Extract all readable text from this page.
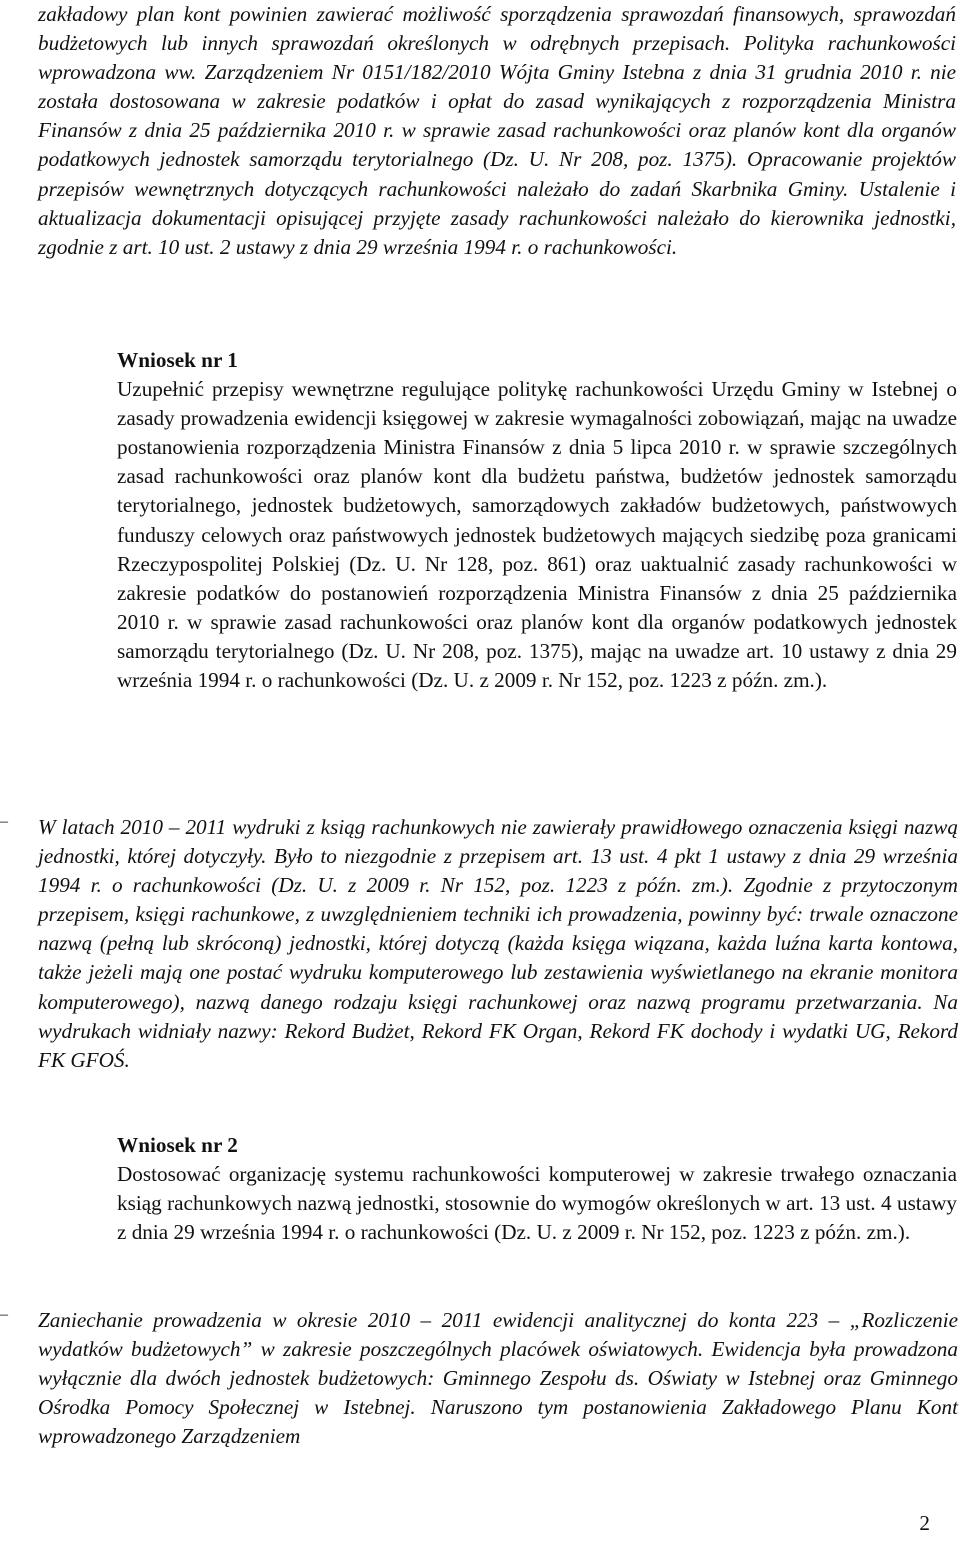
zakładowy plan kont powinien zawierać możliwość sporządzenia sprawozdań finansowych, sprawozdań budżetowych lub innych sprawozdań określonych w odrębnych przepisach. Polityka rachunkowości wprowadzona ww. Zarządzeniem Nr 0151/182/2010 Wójta Gminy Istebna z dnia 31 grudnia 2010 r. nie została dostosowana w zakresie podatków i opłat do zasad wynikających z rozporządzenia Ministra Finansów z dnia 25 października 2010 r. w sprawie zasad rachunkowości oraz planów kont dla organów podatkowych jednostek samorządu terytorialnego (Dz. U. Nr 208, poz. 1375). Opracowanie projektów przepisów wewnętrznych dotyczących rachunkowości należało do zadań Skarbnika Gminy. Ustalenie i aktualizacja dokumentacji opisującej przyjęte zasady rachunkowości należało do kierownika jednostki, zgodnie z art. 10 ust. 2 ustawy z dnia 29 września 1994 r. o rachunkowości.

Wniosek nr 1

Uzupełnić przepisy wewnętrzne regulujące politykę rachunkowości Urzędu Gminy w Istebnej o zasady prowadzenia ewidencji księgowej w zakresie wymagalności zobowiązań, mając na uwadze postanowienia rozporządzenia Ministra Finansów z dnia 5 lipca 2010 r. w sprawie szczególnych zasad rachunkowości oraz planów kont dla budżetu państwa, budżetów jednostek samorządu terytorialnego, jednostek budżetowych, samorządowych zakładów budżetowych, państwowych funduszy celowych oraz państwowych jednostek budżetowych mających siedzibę poza granicami Rzeczypospolitej Polskiej (Dz. U. Nr 128, poz. 861) oraz uaktualnić zasady rachunkowości w zakresie podatków do postanowień rozporządzenia Ministra Finansów z dnia 25 października 2010 r. w sprawie zasad rachunkowości oraz planów kont dla organów podatkowych jednostek samorządu terytorialnego (Dz. U. Nr 208, poz. 1375), mając na uwadze art. 10 ustawy z dnia 29 września 1994 r. o rachunkowości (Dz. U. z 2009 r. Nr 152, poz. 1223 z późn. zm.).

–	W latach 2010 – 2011 wydruki z ksiąg rachunkowych nie zawierały prawidłowego oznaczenia księgi nazwą jednostki, której dotyczyły. Było to niezgodnie z przepisem art. 13 ust. 4 pkt 1 ustawy z dnia 29 września 1994 r. o rachunkowości (Dz. U. z 2009 r. Nr 152, poz. 1223 z późn. zm.). Zgodnie z przytoczonym przepisem, księgi rachunkowe, z uwzględnieniem techniki ich prowadzenia, powinny być: trwale oznaczone nazwą (pełną lub skróconą) jednostki, której dotyczą (każda księga wiązana, każda luźna karta kontowa, także jeżeli mają one postać wydruku komputerowego lub zestawienia wyświetlanego na ekranie monitora komputerowego), nazwą danego rodzaju księgi rachunkowej oraz nazwą programu przetwarzania. Na wydrukach widniały nazwy: Rekord Budżet, Rekord FK Organ, Rekord FK dochody i wydatki UG, Rekord FK GFOŚ.

Wniosek nr 2

Dostosować organizację systemu rachunkowości komputerowej w zakresie trwałego oznaczania ksiąg rachunkowych nazwą jednostki, stosownie do wymogów określonych w art. 13 ust. 4 ustawy z dnia 29 września 1994 r. o rachunkowości (Dz. U. z 2009 r. Nr 152, poz. 1223 z późn. zm.).

–	Zaniechanie prowadzenia w okresie 2010 – 2011 ewidencji analitycznej do konta 223 – „Rozliczenie wydatków budżetowych” w zakresie poszczególnych placówek oświatowych. Ewidencja była prowadzona wyłącznie dla dwóch jednostek budżetowych: Gminnego Zespołu ds. Oświaty w Istebnej oraz Gminnego Ośrodka Pomocy Społecznej w Istebnej. Naruszono tym postanowienia Zakładowego Planu Kont wprowadzonego Zarządzeniem

2
